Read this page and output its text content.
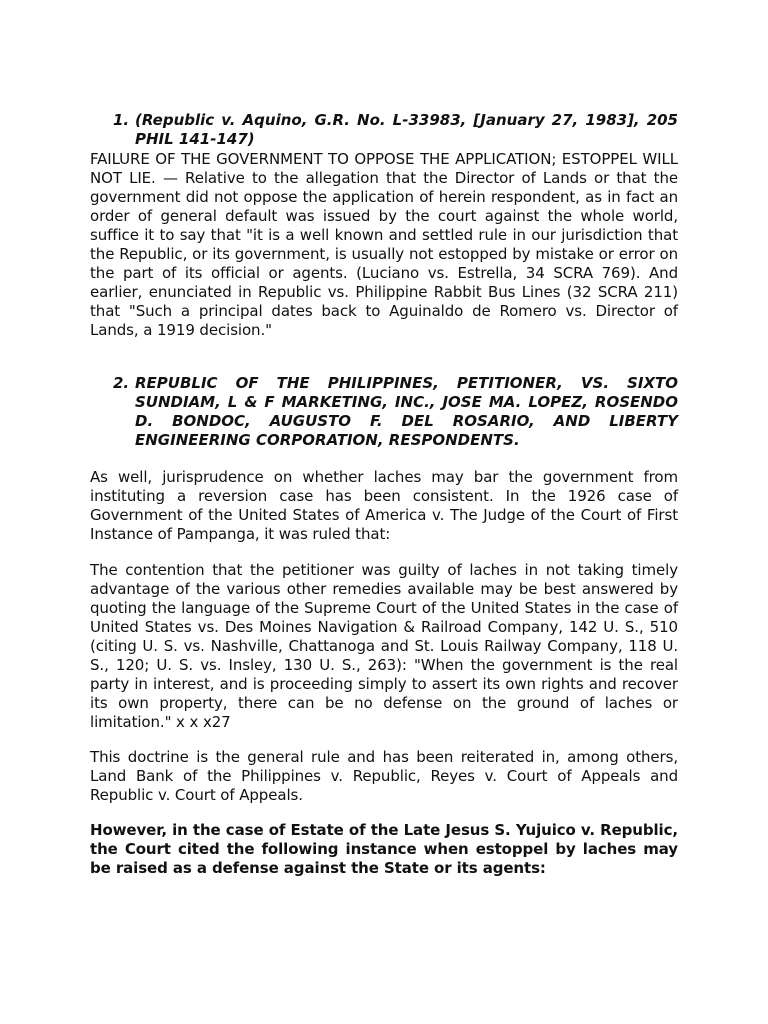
1. (Republic v. Aquino, G.R. No. L-33983, [January 27, 1983], 205 PHIL 141-147)

FAILURE OF THE GOVERNMENT TO OPPOSE THE APPLICATION; ESTOPPEL WILL NOT LIE. — Relative to the allegation that the Director of Lands or that the government did not oppose the application of herein respondent, as in fact an order of general default was issued by the court against the whole world, suffice it to say that "it is a well known and settled rule in our jurisdiction that the Republic, or its government, is usually not estopped by mistake or error on the part of its official or agents. (Luciano vs. Estrella, 34 SCRA 769). And earlier, enunciated in Republic vs. Philippine Rabbit Bus Lines (32 SCRA 211) that "Such a principal dates back to Aguinaldo de Romero vs. Director of Lands, a 1919 decision."

2. REPUBLIC OF THE PHILIPPINES, PETITIONER, VS. SIXTO SUNDIAM, L & F MARKETING, INC., JOSE MA. LOPEZ, ROSENDO D. BONDOC, AUGUSTO F. DEL ROSARIO, AND LIBERTY ENGINEERING CORPORATION, RESPONDENTS.

As well, jurisprudence on whether laches may bar the government from instituting a reversion case has been consistent. In the 1926 case of Government of the United States of America v. The Judge of the Court of First Instance of Pampanga, it was ruled that:

The contention that the petitioner was guilty of laches in not taking timely advantage of the various other remedies available may be best answered by quoting the language of the Supreme Court of the United States in the case of United States vs. Des Moines Navigation & Railroad Company, 142 U. S., 510 (citing U. S. vs. Nashville, Chattanoga and St. Louis Railway Company, 118 U. S., 120; U. S. vs. Insley, 130 U. S., 263): "When the government is the real party in interest, and is proceeding simply to assert its own rights and recover its own property, there can be no defense on the ground of laches or limitation." x x x27

This doctrine is the general rule and has been reiterated in, among others, Land Bank of the Philippines v. Republic, Reyes v. Court of Appeals and Republic v. Court of Appeals.

However, in the case of Estate of the Late Jesus S. Yujuico v. Republic, the Court cited the following instance when estoppel by laches may be raised as a defense against the State or its agents:
